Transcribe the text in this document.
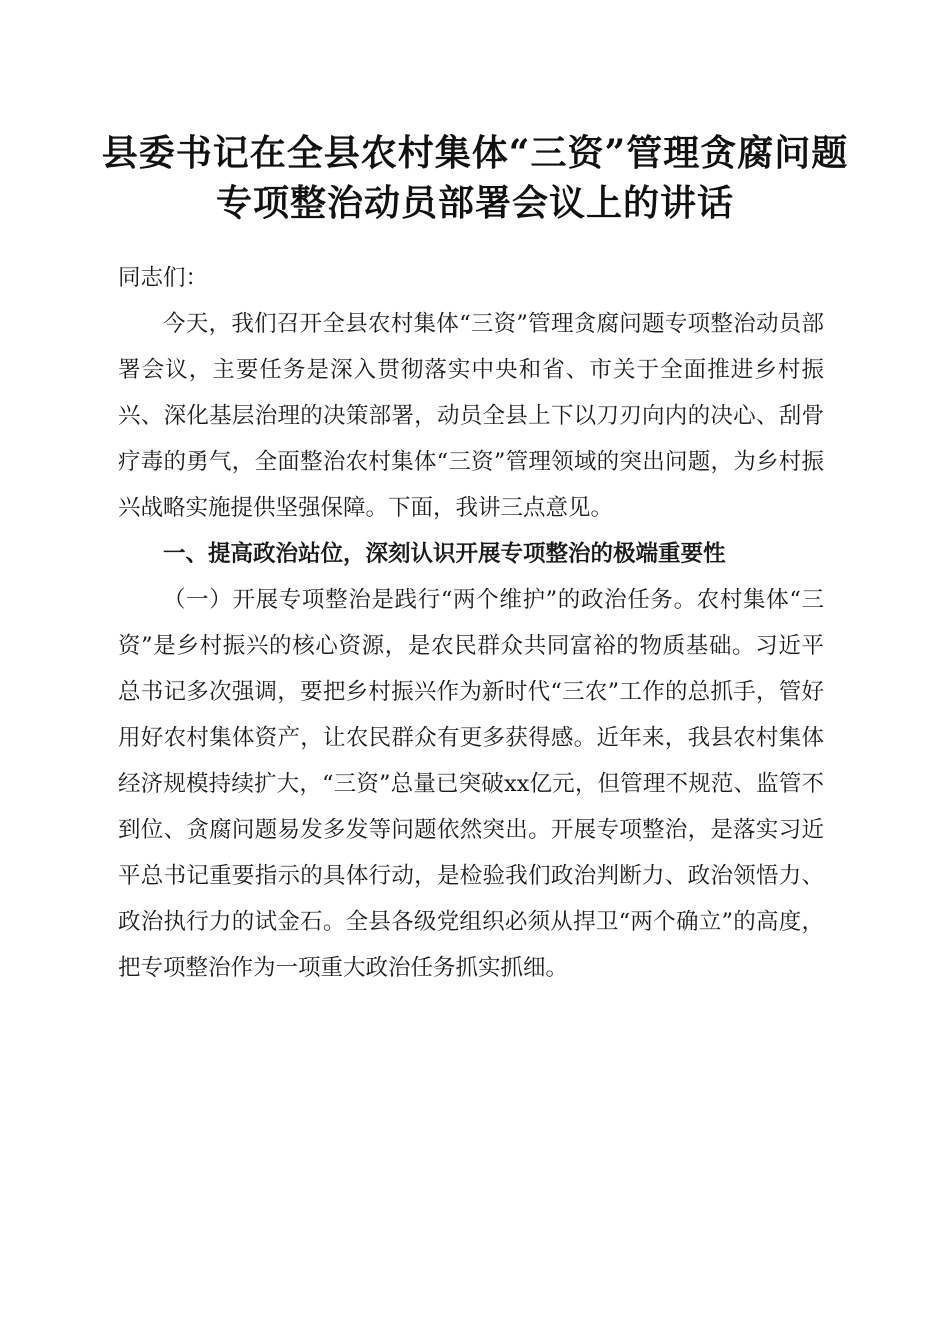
县委书记在全县农村集体“三资”管理贪腐问题专项整治动员部署会议上的讲话

同志们：

今天，我们召开全县农村集体“三资”管理贪腐问题专项整治动员部署会议，主要任务是深入贯彻落实中央和省、市关于全面推进乡村振兴、深化基层治理的决策部署，动员全县上下以刀刃向内的决心、刮骨疗毒的勇气，全面整治农村集体“三资”管理领域的突出问题，为乡村振兴战略实施提供坚强保障。下面，我讲三点意见。

一、提高政治站位，深刻认识开展专项整治的极端重要性

（一）开展专项整治是践行“两个维护”的政治任务。农村集体“三资”是乡村振兴的核心资源，是农民群众共同富裕的物质基础。习近平总书记多次强调，要把乡村振兴作为新时代“三农”工作的总抓手，管好用好农村集体资产，让农民群众有更多获得感。近年来，我县农村集体经济规模持续扩大，“三资”总量已突破xx亿元，但管理不规范、监管不到位、贪腐问题易发多发等问题依然突出。开展专项整治，是落实习近平总书记重要指示的具体行动，是检验我们政治判断力、政治领悟力、政治执行力的试金石。全县各级党组织必须从捍卫“两个确立”的高度，把专项整治作为一项重大政治任务抓实抓细。
